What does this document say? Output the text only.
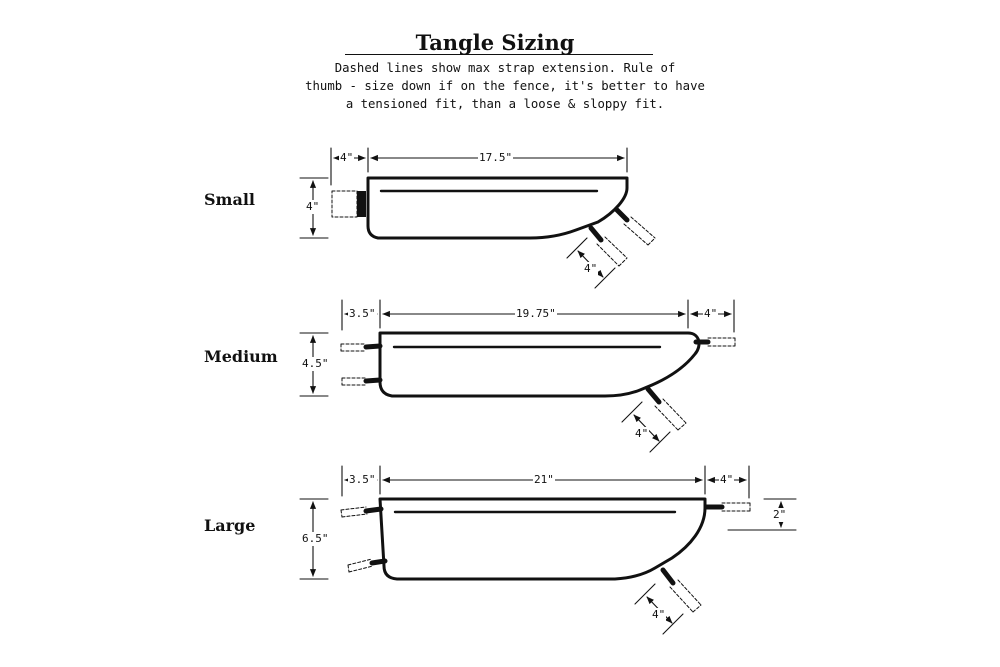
Tangle Sizing
Dashed lines show max strap extension. Rule of
thumb - size down if on the fence, it's better to have
a tensioned fit, than a loose & sloppy fit.
Small
Medium
Large
4"	17.5"
4"
4"
3.5"	19.75"	4"
4.5"
4"
3.5"	21"	4"
6.5"
2"
4"
